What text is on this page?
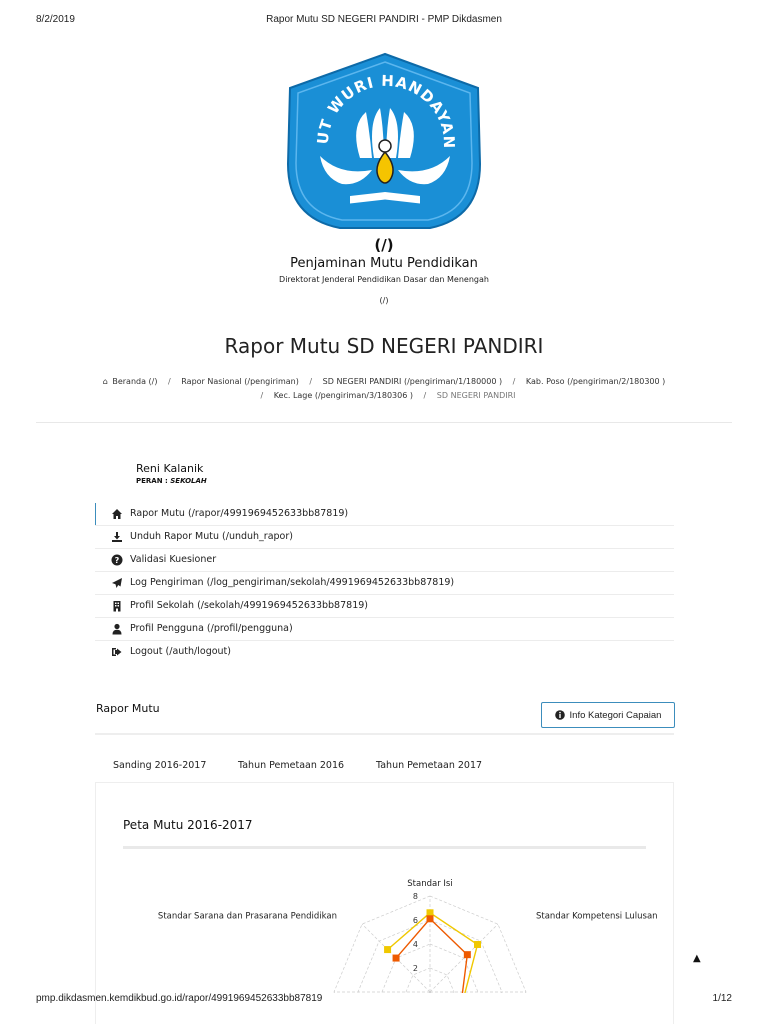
8/2/2019	Rapor Mutu SD NEGERI PANDIRI - PMP Dikdasmen
UT WURI HANDAYAN
(/)
Penjaminan Mutu Pendidikan
Direktorat Jenderal Pendidikan Dasar dan Menengah
(/)
Rapor Mutu SD NEGERI PANDIRI
⌂ Beranda (/) / Rapor Nasional (/pengiriman) / SD NEGERI PANDIRI (/pengiriman/1/180000 ) / Kab. Poso (/pengiriman/2/180300 )
/ Kec. Lage (/pengiriman/3/180306 ) / SD NEGERI PANDIRI
Reni Kalanik
PERAN : SEKOLAH
Rapor Mutu (/rapor/4991969452633bb87819)
Unduh Rapor Mutu (/unduh_rapor)
? Validasi Kuesioner
Log Pengiriman (/log_pengiriman/sekolah/4991969452633bb87819)
Profil Sekolah (/sekolah/4991969452633bb87819)
Profil Pengguna (/profil/pengguna)
Logout (/auth/logout)
Rapor Mutu	Info Kategori Capaian
Sanding 2016-2017	Tahun Pemetaan 2016	Tahun Pemetaan 2017
Peta Mutu 2016-2017
8
6
4
2
Standar Isi
Standar Kompetensi Lulusan
Standar Sarana dan Prasarana Pendidikan
▲
pmp.dikdasmen.kemdikbud.go.id/rapor/4991969452633bb87819	1/12
